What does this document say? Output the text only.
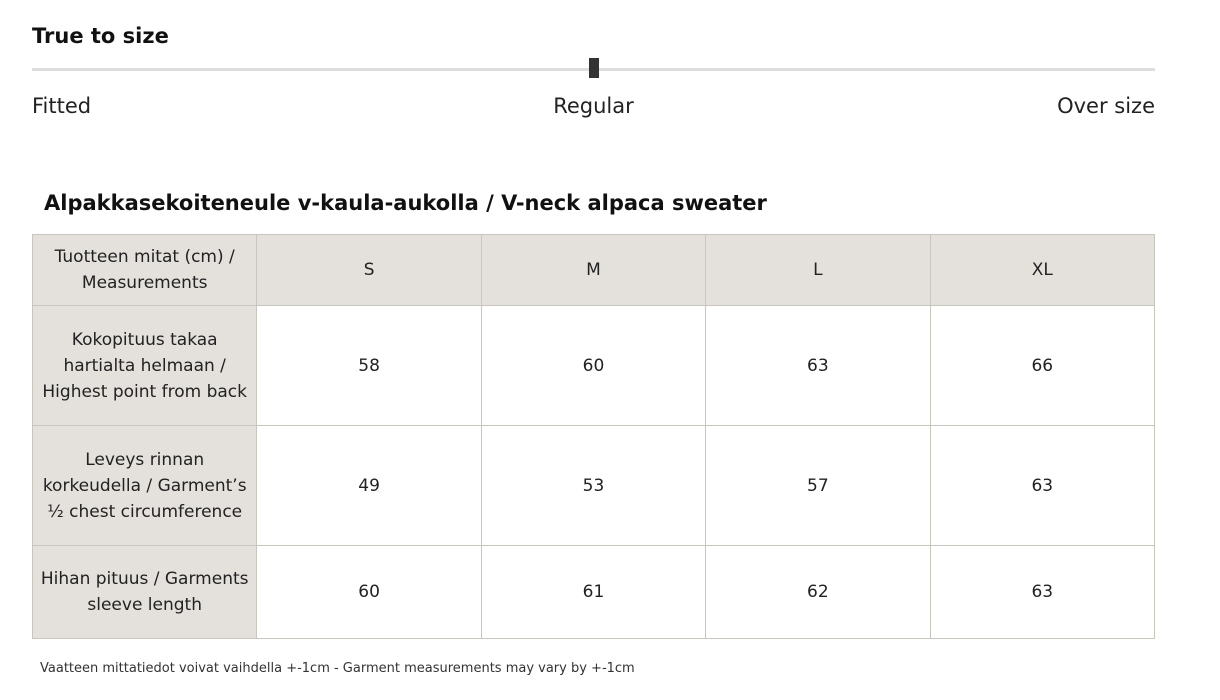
True to size
Fitted	Regular	Over size
Alpakkasekoiteneule v-kaula-aukolla / V-neck alpaca sweater
Tuotteen mitat (cm) / Measurements	S	M	L	XL
Kokopituus takaa hartialta helmaan / Highest point from back	58	60	63	66
Leveys rinnan korkeudella / Garment’s ½ chest circumference	49	53	57	63
Hihan pituus / Garments sleeve length	60	61	62	63
Vaatteen mittatiedot voivat vaihdella +-1cm - Garment measurements may vary by +-1cm
